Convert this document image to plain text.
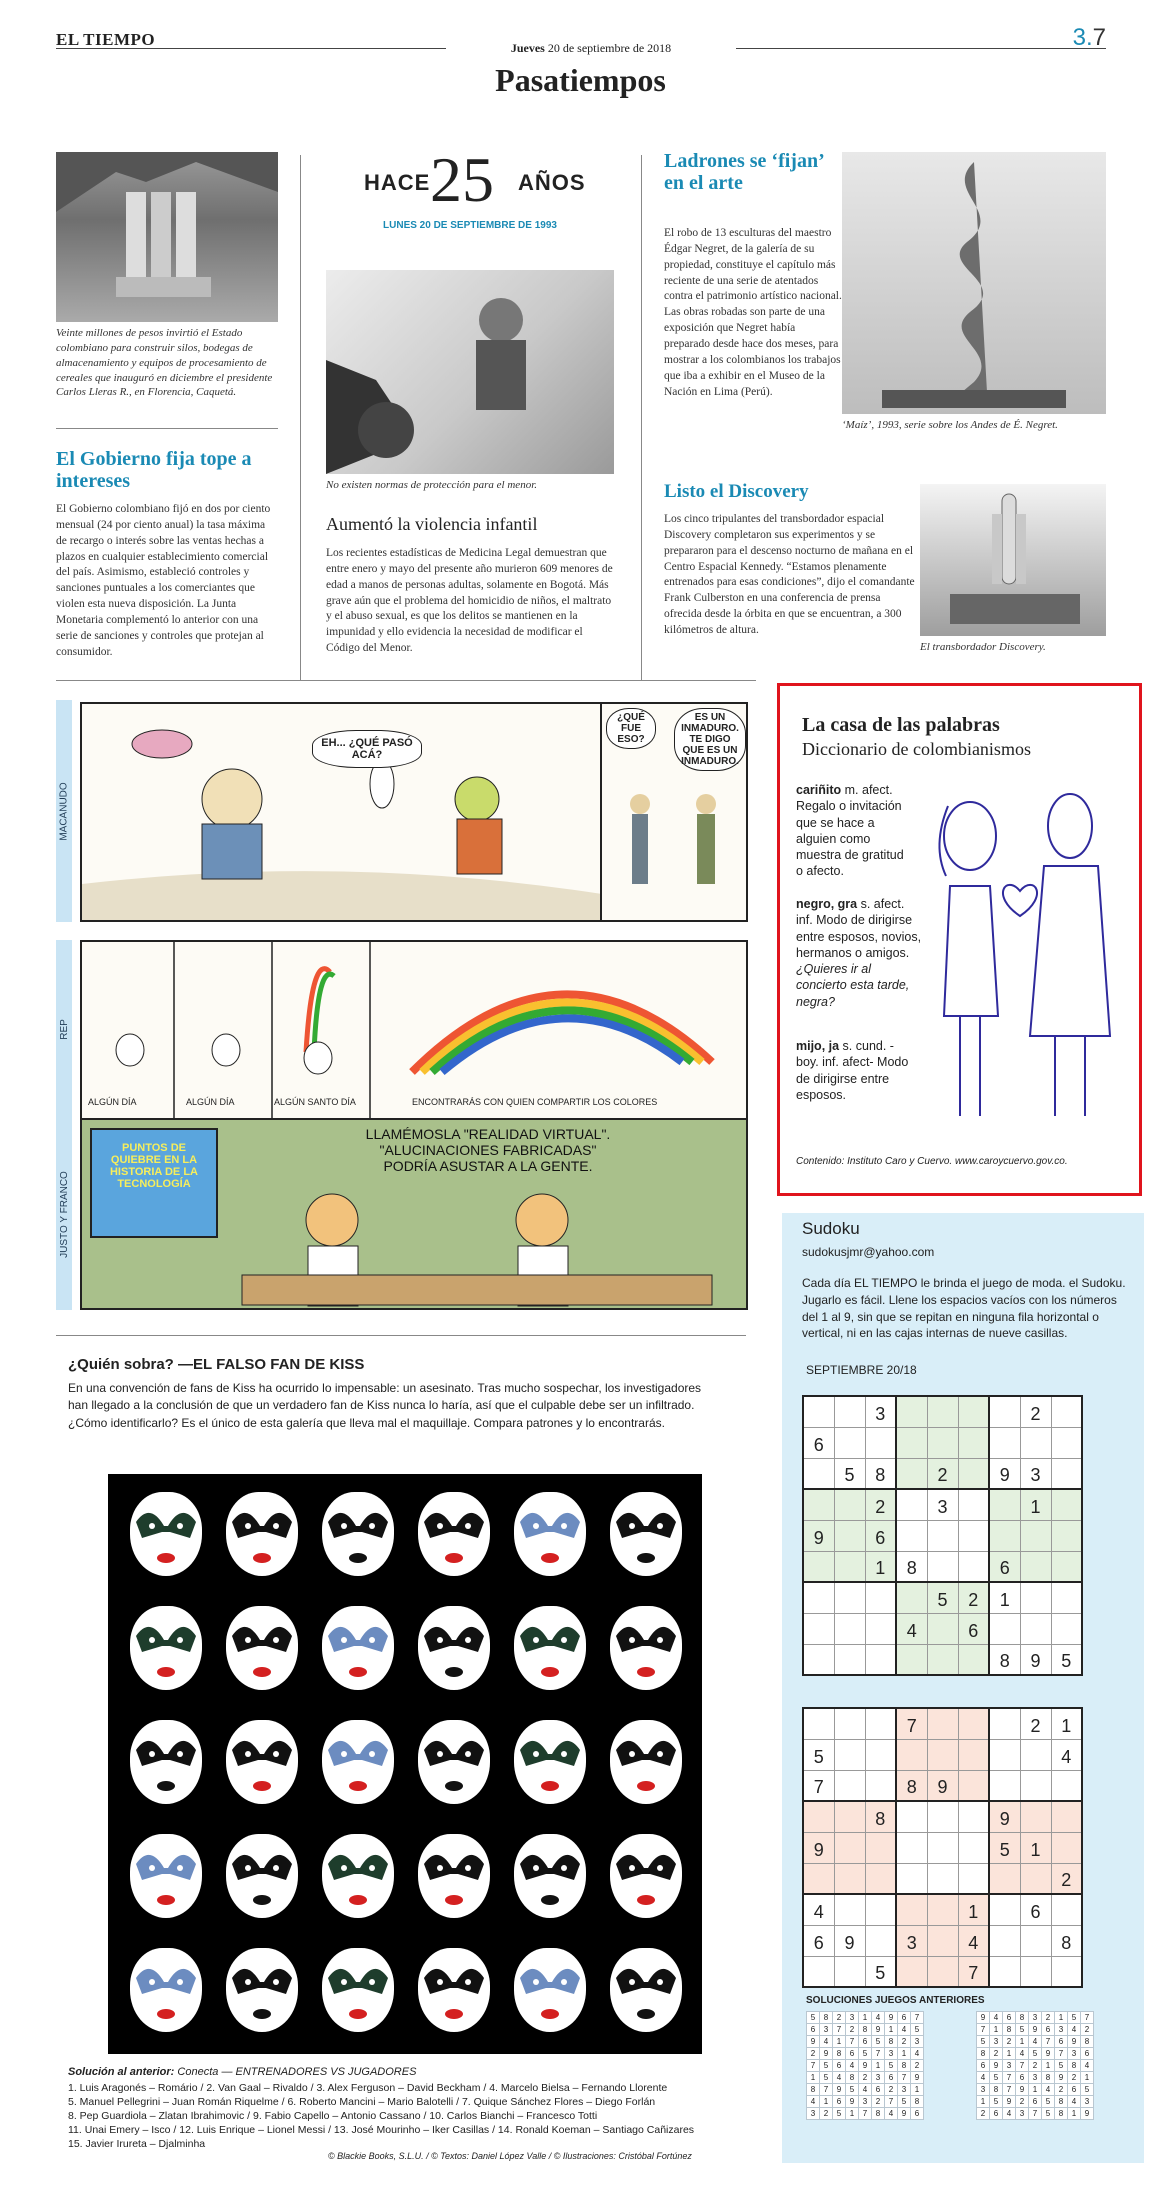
EL TIEMPO	Jueves 20 de septiembre de 2018	3.7
Pasatiempos
Veinte millones de pesos invirtió el Estado colombiano para construir silos, bodegas de almacenamiento y equipos de procesamiento de cereales que inauguró en diciembre el presidente Carlos Lleras R., en Florencia, Caquetá.
El Gobierno fija tope a intereses
El Gobierno colombiano fijó en dos por ciento mensual (24 por ciento anual) la tasa máxima de recargo o interés sobre las ventas hechas a plazos en cualquier establecimiento comercial del país. Asimismo, estableció controles y sanciones puntuales a los comerciantes que violen esta nueva disposición. La Junta Monetaria complementó lo anterior con una serie de sanciones y controles que protejan al consumidor.
HACE 25 AÑOS
LUNES 20 DE SEPTIEMBRE DE 1993
No existen normas de protección para el menor.
Aumentó la violencia infantil
Los recientes estadísticas de Medicina Legal demuestran que entre enero y mayo del presente año murieron 609 menores de edad a manos de personas adultas, solamente en Bogotá. Más grave aún que el problema del homicidio de niños, el maltrato y el abuso sexual, es que los delitos se mantienen en la impunidad y ello evidencia la necesidad de modificar el Código del Menor.
Ladrones se ‘fijan’ en el arte
El robo de 13 esculturas del maestro Édgar Negret, de la galería de su propiedad, constituye el capítulo más reciente de una serie de atentados contra el patrimonio artístico nacional. Las obras robadas son parte de una exposición que Negret había preparado desde hace dos meses, para mostrar a los colombianos los trabajos que iba a exhibir en el Museo de la Nación en Lima (Perú).
‘Maíz’, 1993, serie sobre los Andes de É. Negret.
Listo el Discovery
Los cinco tripulantes del transbordador espacial Discovery completaron sus experimentos y se prepararon para el descenso nocturno de mañana en el Centro Espacial Kennedy. “Estamos plenamente entrenados para esas condiciones”, dijo el comandante Frank Culberston en una conferencia de prensa ofrecida desde la órbita en que se encuentran, a 300 kilómetros de altura.
El transbordador Discovery.
MACANUDO
EH... ¿QUÉ PASÓ ACÁ?
¿QUÉ FUE ESO?
ES UN INMADURO. TE DIGO QUE ES UN INMADURO.
REP
ALGÚN DÍA	ALGÚN DÍA	ALGÚN SANTO DÍA	ENCONTRARÁS CON QUIEN COMPARTIR LOS COLORES
JUSTO Y FRANCO
PUNTOS DE QUIEBRE EN LA HISTORIA DE LA TECNOLOGÍA
LLAMÉMOSLA "REALIDAD VIRTUAL". "ALUCINACIONES FABRICADAS" PODRÍA ASUSTAR A LA GENTE.
La casa de las palabras
Diccionario de colombianismos
cariñito m. afect. Regalo o invitación que se hace a alguien como muestra de gratitud o afecto.
negro, gra s. afect. inf. Modo de dirigirse entre esposos, novios, hermanos o amigos. ¿Quieres ir al concierto esta tarde, negra?
mijo, ja s. cund. -boy. inf. afect- Modo de dirigirse entre esposos.
Contenido: Instituto Caro y Cuervo. www.caroycuervo.gov.co.
¿Quién sobra? —EL FALSO FAN DE KISS
En una convención de fans de Kiss ha ocurrido lo impensable: un asesinato. Tras mucho sospechar, los investigadores han llegado a la conclusión de que un verdadero fan de Kiss nunca lo haría, así que el culpable debe ser un infiltrado. ¿Cómo identificarlo? Es el único de esta galería que lleva mal el maquillaje. Compara patrones y lo encontrarás.
Solución al anterior: Conecta — ENTRENADORES VS JUGADORES
1. Luis Aragonés – Romário / 2. Van Gaal – Rivaldo / 3. Alex Ferguson – David Beckham / 4. Marcelo Bielsa – Fernando Llorente
5. Manuel Pellegrini – Juan Román Riquelme / 6. Roberto Mancini – Mario Balotelli / 7. Quique Sánchez Flores – Diego Forlán
8. Pep Guardiola – Zlatan Ibrahimovic / 9. Fabio Capello – Antonio Cassano / 10. Carlos Bianchi – Francesco Totti
11. Unai Emery – Isco / 12. Luis Enrique – Lionel Messi / 13. José Mourinho – Iker Casillas / 14. Ronald Koeman – Santiago Cañizares
15. Javier Irureta – Djalminha
© Blackie Books, S.L.U. / © Textos: Daniel López Valle / © Ilustraciones: Cristóbal Fortúnez
Sudoku
sudokusjmr@yahoo.com
Cada día EL TIEMPO le brinda el juego de moda. el Sudoku. Jugarlo es fácil. Llene los espacios vacíos con los números del 1 al 9, sin que se repitan en ninguna fila horizontal o vertical, ni en las cajas internas de nueve casillas.
SEPTIEMBRE 20/18
		3					2	
6								
	5	8		2		9	3	
		2		3			1	
9		6						
		1	8			6		
				5	2	1		
			4		6			
						8	9	5
			7				2	1
5								4
7			8	9				
		8				9		
9						5	1	
								2
4					1		6	
6	9		3		4			8
		5			7			
SOLUCIONES JUEGOS ANTERIORES
5	8	2	3	1	4	9	6	7
6	3	7	2	8	9	1	4	5
9	4	1	7	6	5	8	2	3
2	9	8	6	5	7	3	1	4
7	5	6	4	9	1	5	8	2
1	5	4	8	2	3	6	7	9
8	7	9	5	4	6	2	3	1
4	1	6	9	3	2	7	5	8
3	2	5	1	7	8	4	9	6
9	4	6	8	3	2	1	5	7
7	1	8	5	9	6	3	4	2
5	3	2	1	4	7	6	9	8
8	2	1	4	5	9	7	3	6
6	9	3	7	2	1	5	8	4
4	5	7	6	3	8	9	2	1
3	8	7	9	1	4	2	6	5
1	5	9	2	6	5	8	4	3
2	6	4	3	7	5	8	1	9
